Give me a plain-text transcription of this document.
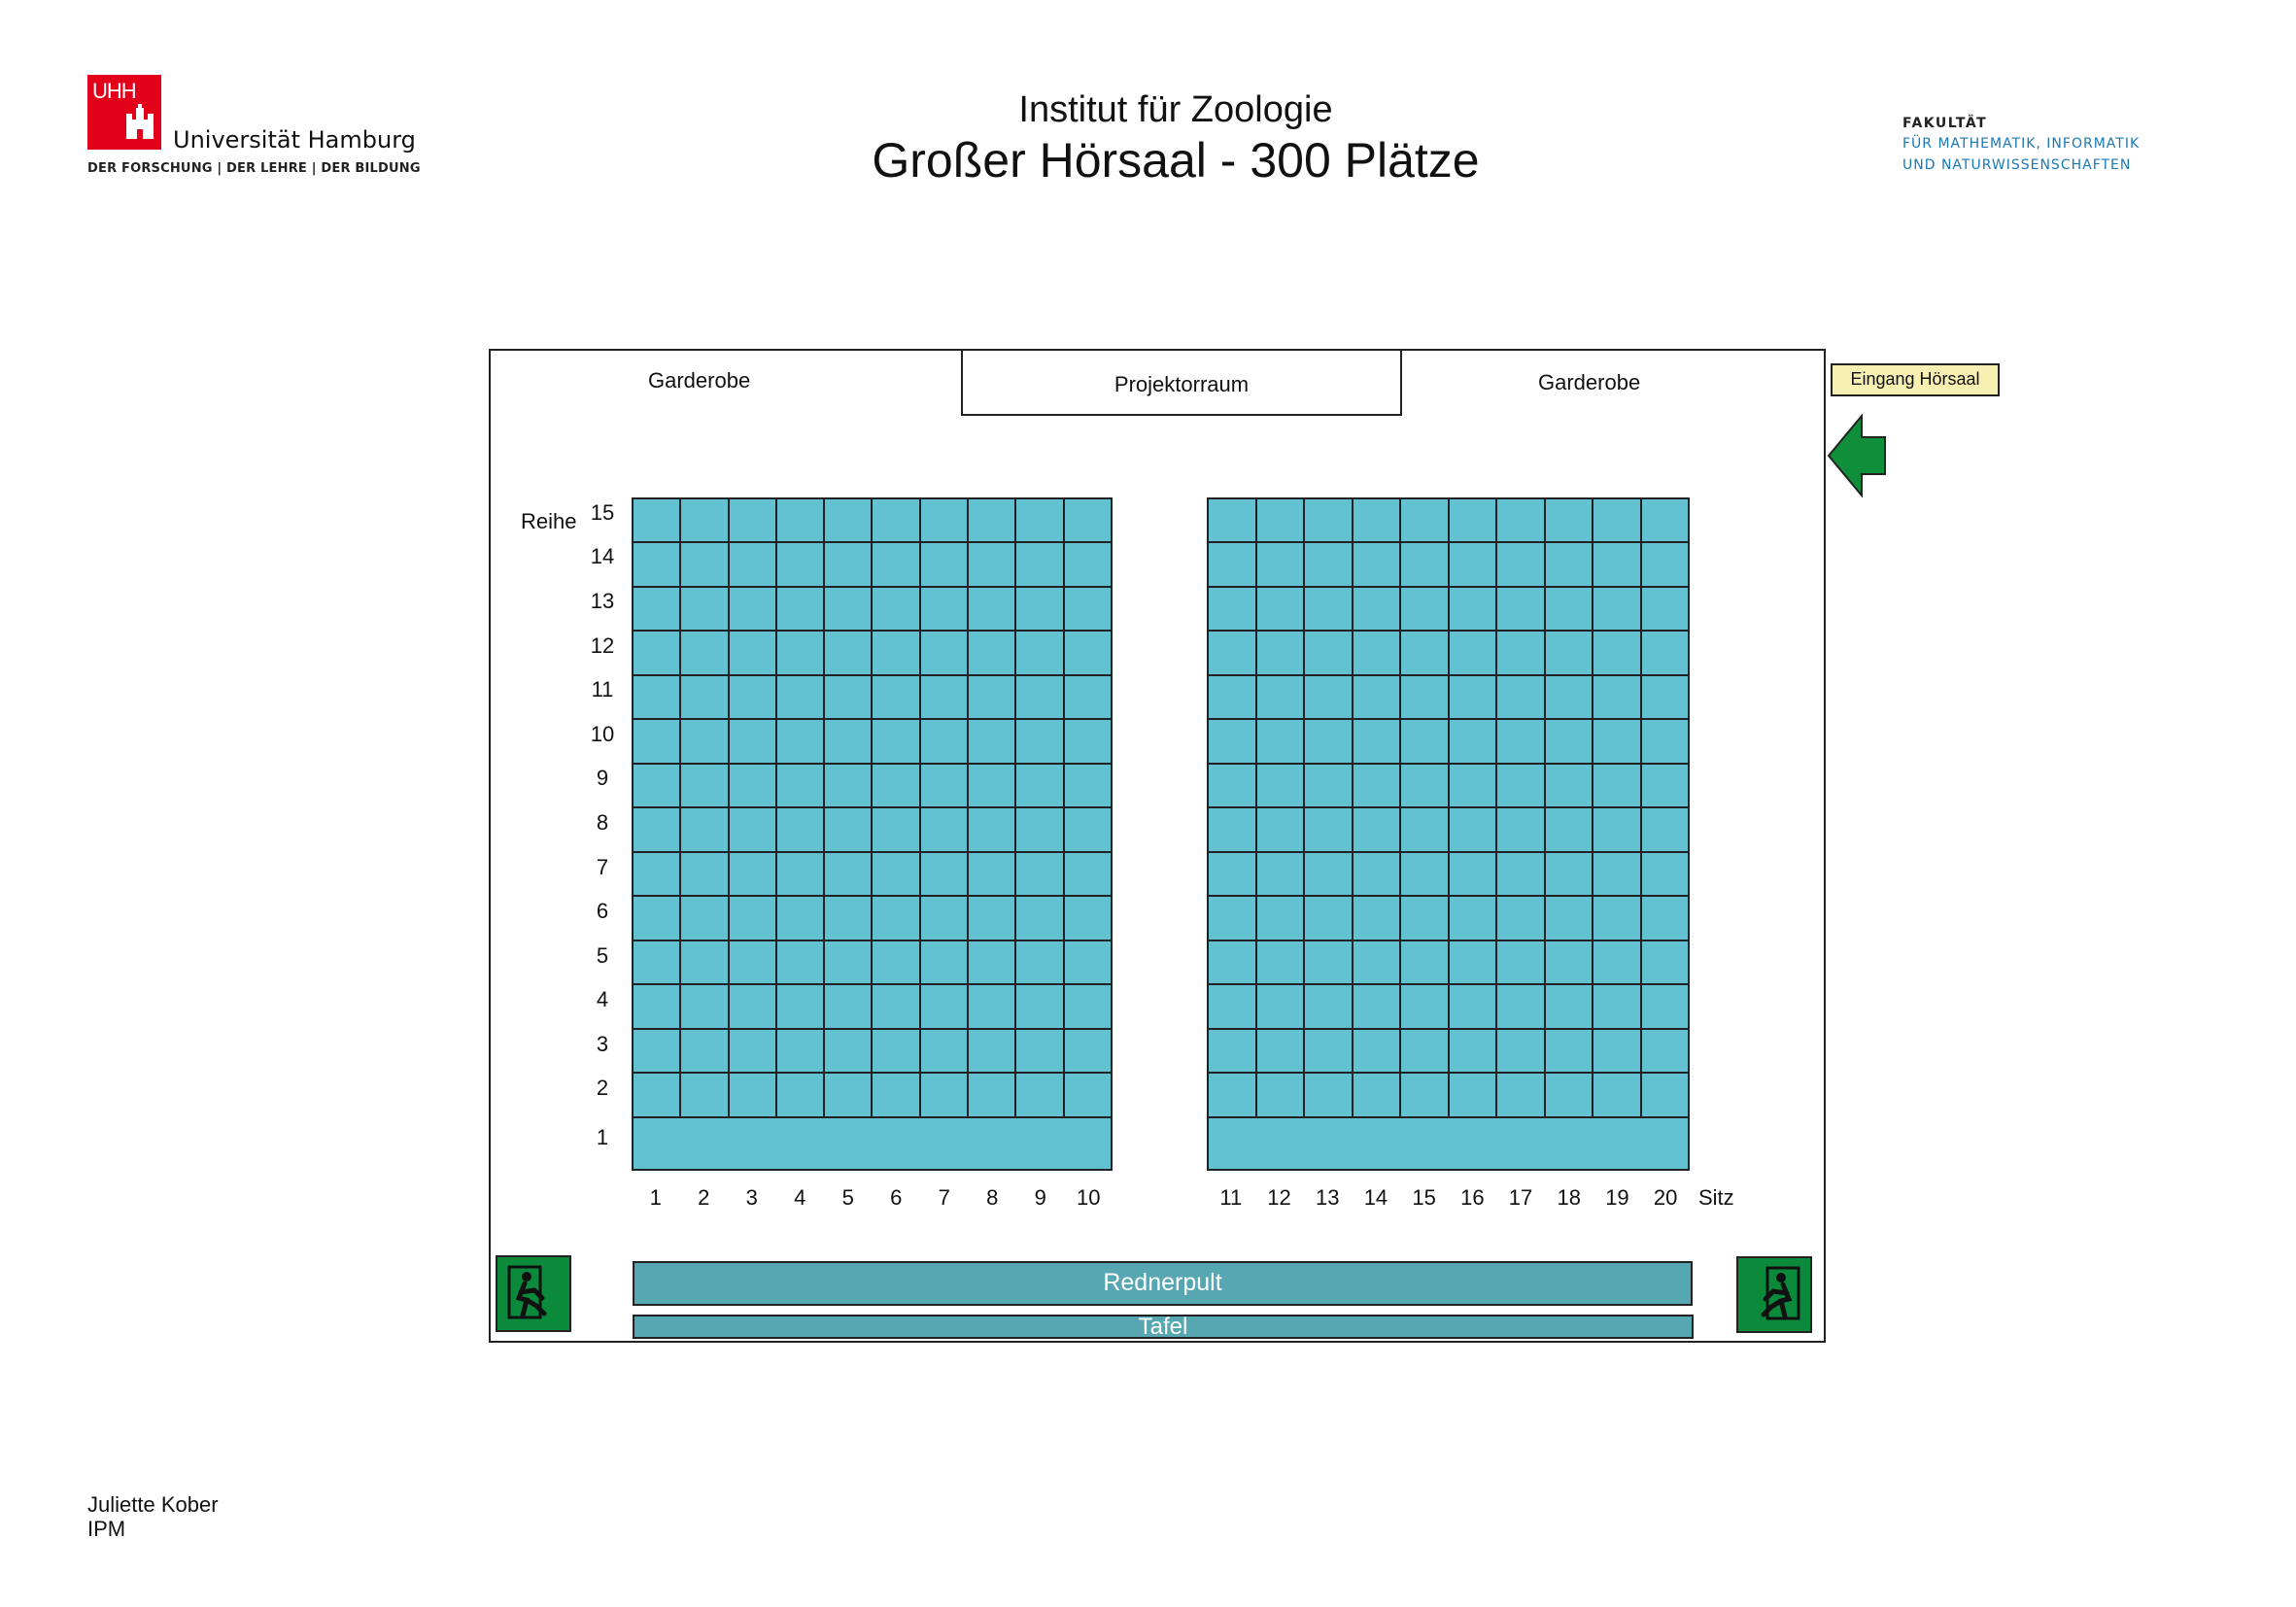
UHH
Universität Hamburg
DER FORSCHUNG | DER LEHRE | DER BILDUNG
Institut für Zoologie
Großer Hörsaal - 300 Plätze
FAKULTÄT
FÜR MATHEMATIK, INFORMATIK
UND NATURWISSENSCHAFTEN
Projektorraum
Garderobe	Garderobe	Eingang Hörsaal
Reihe
Sitz
15
14
13
12
11
10
9
8
7
6
5
4
3
2
1
1	2	3	4	5	6	7	8	9	10	11	12	13	14	15	16	17	18	19	20
Rednerpult
Tafel
Juliette Kober
IPM
